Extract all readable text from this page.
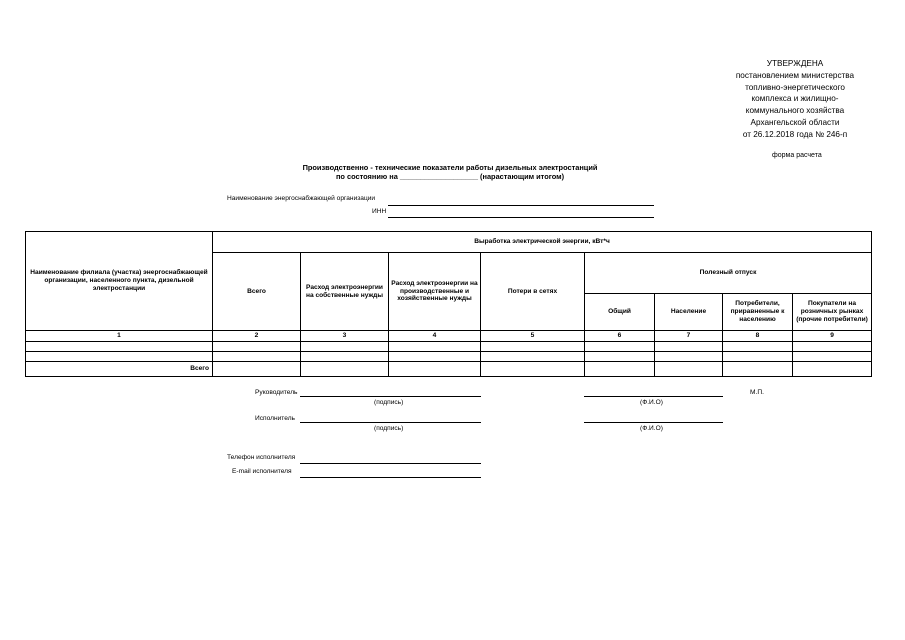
УТВЕРЖДЕНА
постановлением министерства
топливно-энергетического
комплекса и жилищно-
коммунального хозяйства
Архангельской области
от 26.12.2018 года № 246-п
форма расчета
Производственно - технические показатели работы дизельных электростанций
по состоянию на ___________________ (нарастающим итогом)
Наименование энергоснабжающей организации
ИНН
Наименование филиала (участка) энергоснабжающей организации, населенного пункта, дизельной электростанции	Выработка электрической энергии, кВт*ч							
	Всего	Расход электроэнергии на собственные нужды	Расход электроэнергии на производственные и хозяйственные нужды	Потери в сетях	Полезный отпуск			
					Общий	Население	Потребители, приравненные к населению	Покупатели на розничных рынках (прочие потребители)
1	2	3	4	5	6	7	8	9

Всего								
Руководитель
(подпись)	(Ф.И.О)
М.П.
Исполнитель
(подпись)	(Ф.И.О)
Телефон исполнителя
E-mail исполнителя
